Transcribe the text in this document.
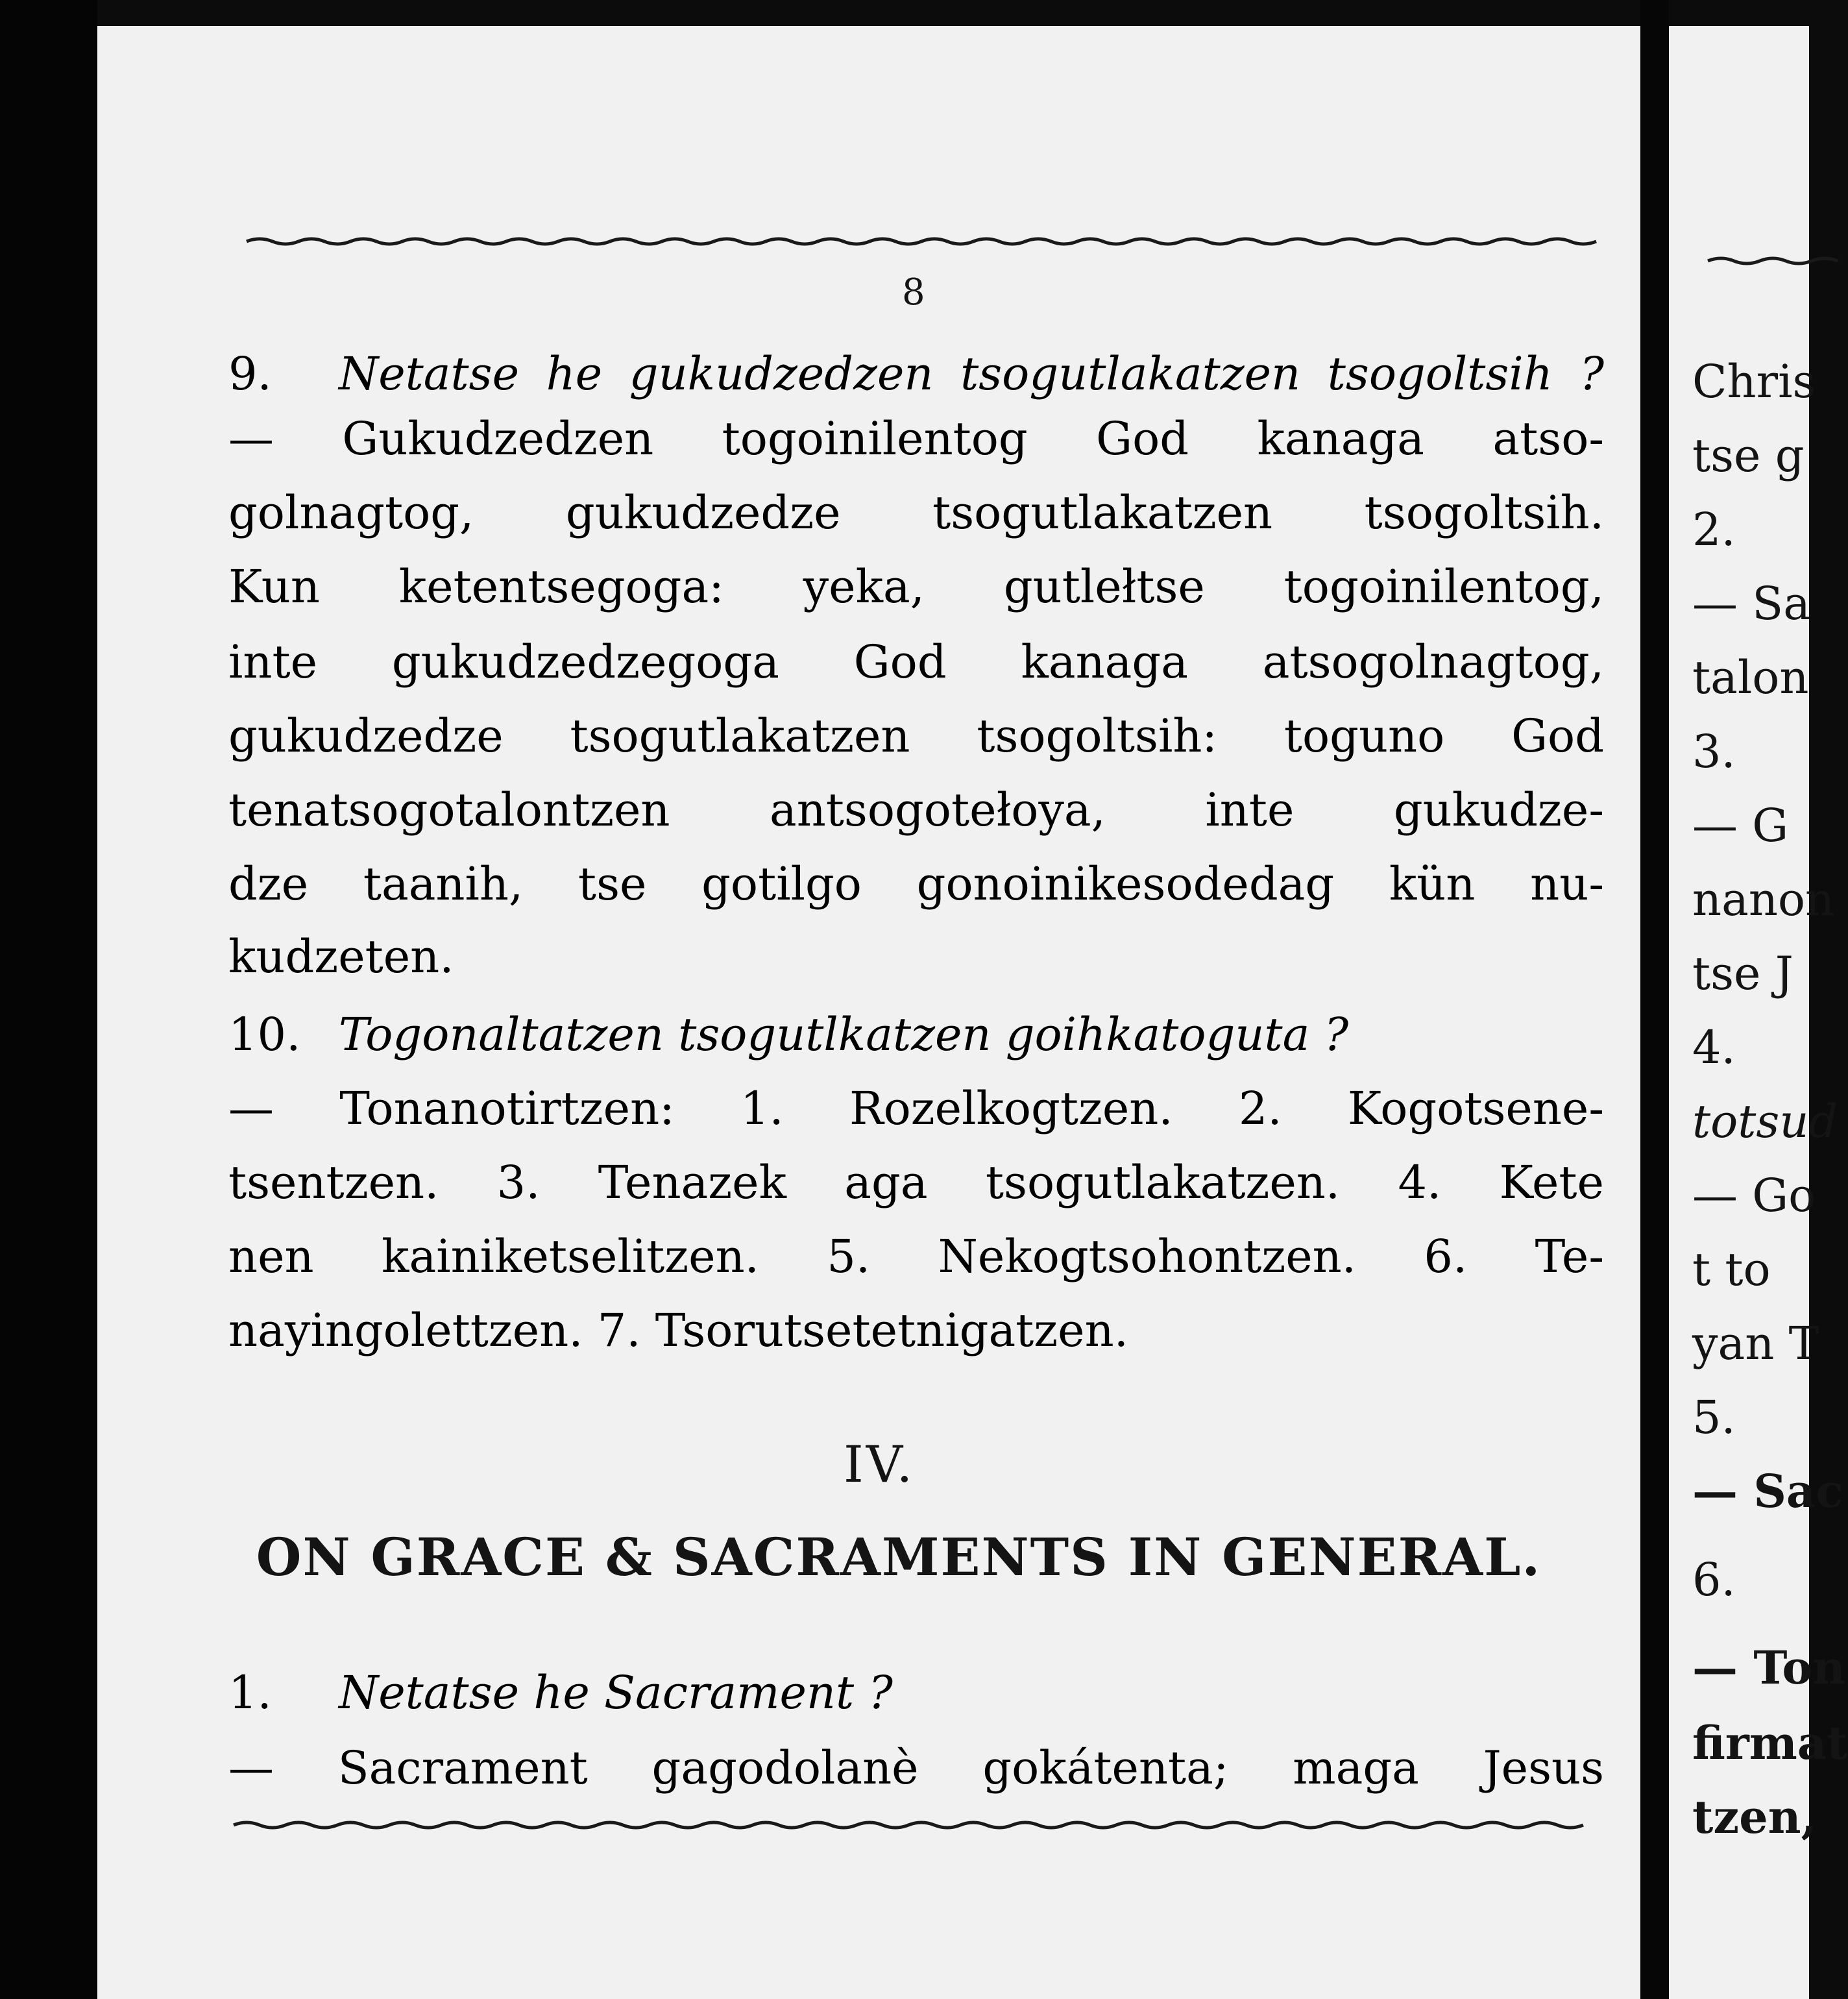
8
9. Netatse he gukudzedzen tsogutlakatzen tsogoltsih ?
— Gukudzedzen togoinilentog God kanaga atso-
golnagtog, gukudzedze tsogutlakatzen tsogoltsih.
Kun ketentsegoga: yeka, gutlełtse togoinilentog,
inte gukudzedzegoga God kanaga atsogolnagtog,
gukudzedze tsogutlakatzen tsogoltsih: toguno God
tenatsogotalontzen antsogotełoya, inte gukudze-
dze taanih, tse gotilgo gonoinikesodedag kün nu-
kudzeten.
10. Togonaltatzen tsogutlkatzen goihkatoguta ?
— Tonanotirtzen: 1. Rozelkogtzen. 2. Kogotsene-
tsentzen. 3. Tenazek aga tsogutlakatzen. 4. Kete
nen kainiketselitzen. 5. Nekogtsohontzen. 6. Te-
nayingolettzen. 7. Tsorutsetetnigatzen.
IV.
ON GRACE & SACRAMENTS IN GENERAL.
1. Netatse he Sacrament ?
— Sacrament gagodolanè gokátenta; maga Jesus
Chris
tse g
2.
— Sa
talon
3.
— G
nanon
tse J
4.
totsud
— Go
t to
yan T
5.
— Sac
6.
— Ton
firmat
tzen,
